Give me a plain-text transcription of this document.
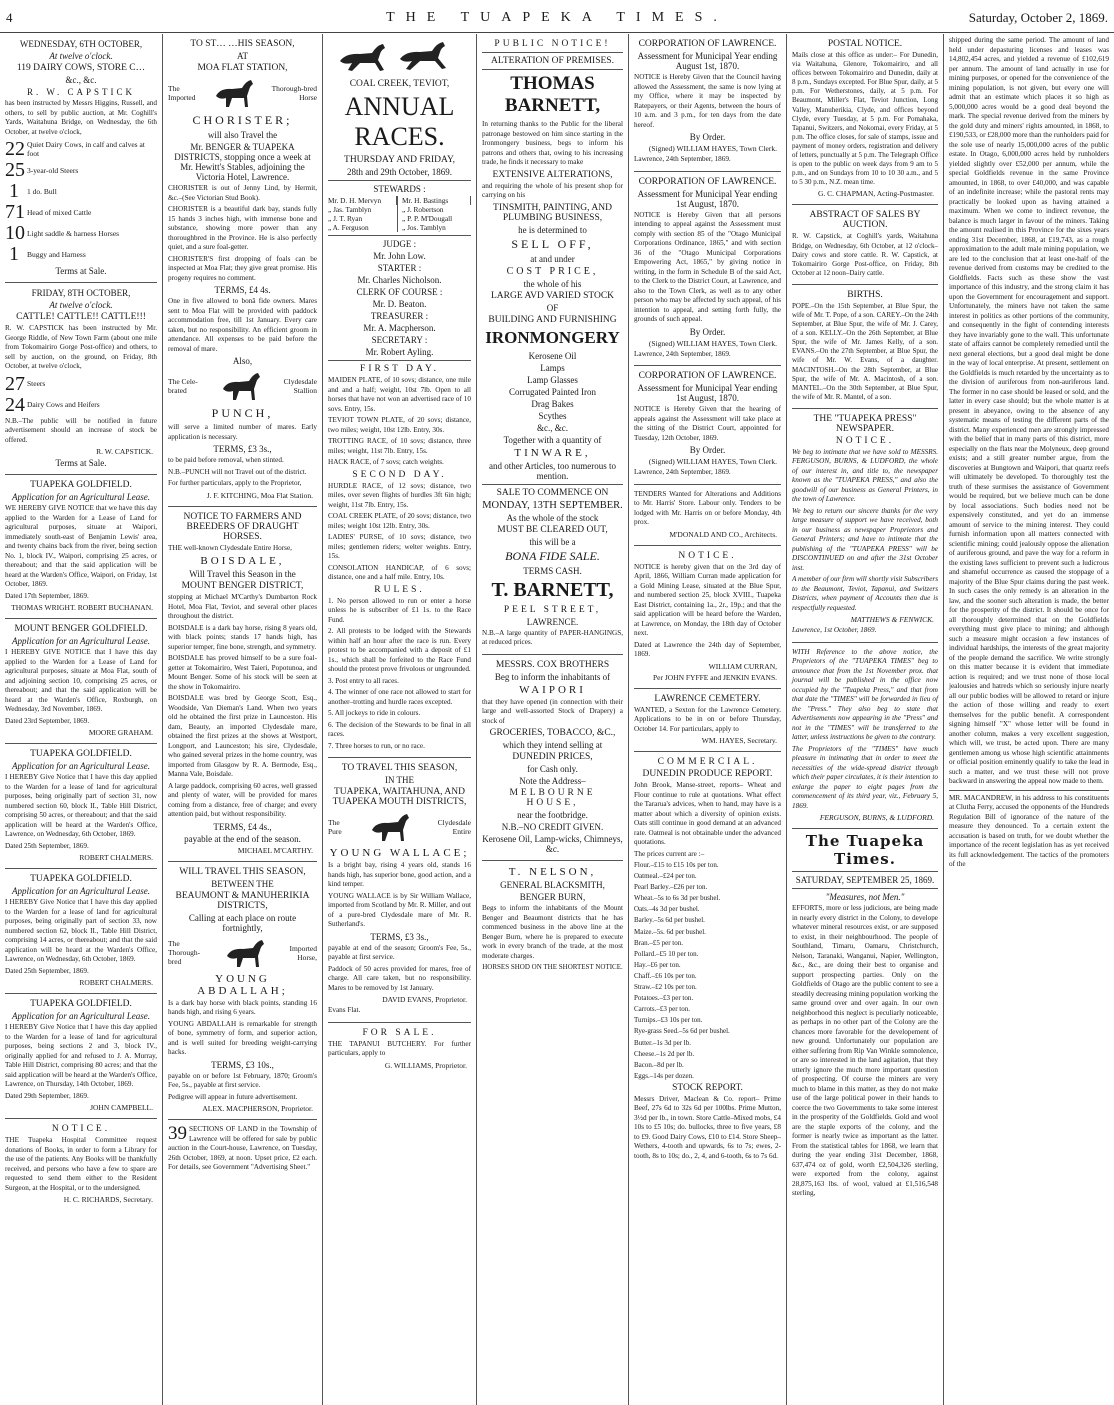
4	THE TUAPEKA TIMES.	Saturday, October 2, 1869.
WEDNESDAY, 6TH OCTOBER,
At twelve o'clock.
119 DAIRY COWS, STORE C…
&c., &c.
R. W. CAPSTICK
has been instructed by Messrs Higgins, Russell, and others, to sell by public auction, at Mr. Coghill's Yards, Waitahuna Bridge, on Wednesday, the 6th October, at twelve o'clock,
22 Quiet Dairy Cows, in calf and calves at foot
25 3-year-old Steers
1	1 do. Bull
71 Head of mixed Cattle
10 Light saddle & harness Horses
1	Buggy and Harness
Terms at Sale.
FRIDAY, 8TH OCTOBER,
At twelve o'clock.
CATTLE! CATTLE!! CATTLE!!!
R. W. CAPSTICK has been instructed by Mr. George Riddle, of New Town Farm (about one mile from Tokomairiro Gorge Post-office) and others, to sell by auction, on the ground, on Friday, 8th October, at twelve o'clock,
27 Steers
24 Dairy Cows and Heifers
N.B.–The public will be notified in future advertisement should an increase of stock be offered.
R. W. CAPSTICK.
Terms at Sale.
TUAPEKA GOLDFIELD.
Application for an Agricultural Lease.
WE HEREBY GIVE NOTICE that we have this day applied to the Warden for a Lease of Land for agricultural purposes, situate at Waipori, immediately south-east of Benjamin Lewis' area, and twenty chains back from the river, being section No. 1, block IV., Waipori, comprising 25 acres, or thereabout; and that the said application will be heard at the Warden's Office, Waipori, on Friday, 1st October, 1869.
Dated 17th September, 1869.
THOMAS WRIGHT. ROBERT BUCHANAN.
MOUNT BENGER GOLDFIELD.
Application for an Agricultural Lease.
I HEREBY GIVE NOTICE that I have this day applied to the Warden for a Lease of Land for agricultural purposes, situate at Moa Flat, south of and adjoining section 10, comprising 25 acres, or thereabout; and that the said application will be heard at the Warden's Office, Roxburgh, on Wednesday, 3rd November, 1869.
Dated 23rd September, 1869.
MOORE GRAHAM.
TUAPEKA GOLDFIELD.
Application for an Agricultural Lease.
I HEREBY Give Notice that I have this day applied to the Warden for a lease of land for agricultural purposes, being originally part of section 31, now numbered section 60, block II., Table Hill District, comprising 50 acres, or thereabout; and that the said application will be heard at the Warden's Office, Lawrence, on Wednesday, 6th October, 1869.
Dated 25th September, 1869.
ROBERT CHALMERS.
TUAPEKA GOLDFIELD.
Application for an Agricultural Lease.
I HEREBY Give Notice that I have this day applied to the Warden for a lease of land for agricultural purposes, being originally part of section 33, now numbered section 62, block II., Table Hill District, comprising 14 acres, or thereabout; and that the said application will be heard at the Warden's Office, Lawrence, on Wednesday, 6th October, 1869.
Dated 25th September, 1869.
ROBERT CHALMERS.
TUAPEKA GOLDFIELD.
Application for an Agricultural Lease.
I HEREBY Give Notice that I have this day applied to the Warden for a lease of land for agricultural purposes, being sections 2 and 3, block IV., originally applied for and refused to J. A. Murray, Table Hill District, comprising 80 acres; and that the said application will be heard at the Warden's Office, Lawrence, on Thursday, 14th October, 1869.
Dated 29th September, 1869.
JOHN CAMPBELL.
NOTICE.
THE Tuapeka Hospital Committee request donations of Books, in order to form a Library for the use of the patients. Any Books will be thankfully received, and persons who have a few to spare are requested to send them either to the Resident Surgeon, at the Hospital, or to the undersigned.
H. C. RICHARDS, Secretary.
TO ST… …HIS SEASON,
AT
MOA FLAT STATION,
The
Imported
Thorough-bred
Horse
CHORISTER;
will also Travel the
Mr. BENGER & TUAPEKA DISTRICTS, stopping once a week at Mr. Hewitt's Stables, adjoining the Victoria Hotel, Lawrence.
CHORISTER is out of Jenny Lind, by Hermit, &c.–(See Victorian Stud Book).
CHORISTER is a beautiful dark bay, stands fully 15 hands 3 inches high, with immense bone and substance, showing more power than any thoroughbred in the Province. He is also perfectly quiet, and a sure foal-getter.
CHORISTER'S first dropping of foals can be inspected at Moa Flat; they give great promise. His progeny requires no comment.
TERMS, £4 4s.
One in five allowed to bonâ fide owners. Mares sent to Moa Flat will be provided with paddock accommodation free, till 1st January. Every care taken, but no responsibility. An efficient groom in attendance. All expenses to be paid before the removal of mare.
Also,
The Cele-
brated
Clydesdale
Stallion
PUNCH,
will serve a limited number of mares. Early application is necessary.
TERMS, £3 3s.,
to be paid before removal, when stinted.
N.B.–PUNCH will not Travel out of the district.
For further particulars, apply to the Proprietor,
J. F. KITCHING, Moa Flat Station.
NOTICE TO FARMERS AND BREEDERS OF DRAUGHT HORSES.
THE well-known Clydesdale Entire Horse,
BOISDALE,
Will Travel this Season in the
MOUNT BENGER DISTRICT,
stopping at Michael M'Carthy's Dumbarton Rock Hotel, Moa Flat, Teviot, and several other places throughout the district.
BOISDALE is a dark bay horse, rising 8 years old, with black points; stands 17 hands high, has superior temper, fine bone, strength, and symmetry.
BOISDALE has proved himself to be a sure foal-getter at Tokomairiro, West Taieri, Popotunoa, and Mount Benger. Some of his stock will be seen at the show in Tokomairiro.
BOISDALE was bred by George Scott, Esq., Woodside, Van Dieman's Land. When two years old he obtained the first prize in Launceston. His dam, Beauty, an imported Clydesdale mare, obtained the first prizes at the shows at Westport, Longport, and Launceston; his sire, Clydesdale, who gained several prizes in the home country, was imported from Glasgow by R. A. Bermode, Esq., Manna Vale, Boisdale.
A large paddock, comprising 60 acres, well grassed and plenty of water, will be provided for mares coming from a distance, free of charge; and every attention paid, but without responsibility.
TERMS, £4 4s.,
payable at the end of the season.
MICHAEL M'CARTHY.
WILL TRAVEL THIS SEASON,
BETWEEN THE
BEAUMONT & MANUHERIKIA DISTRICTS,
Calling at each place on route fortnightly,
The
Thorough-
bred
Imported
Horse,
YOUNG ABDALLAH;
Is a dark bay horse with black points, standing 16 hands high, and rising 6 years.
YOUNG ABDALLAH is remarkable for strength of bone, symmetry of form, and superior action, and is well suited for breeding weight-carrying hacks.
TERMS, £3 10s.,
payable on or before 1st February, 1870; Groom's Fee, 5s., payable at first service.
Pedigree will appear in future advertisement.
ALEX. MACPHERSON, Proprietor.
39 SECTIONS OF LAND in the Township of Lawrence will be offered for sale by public auction in the Court-house, Lawrence, on Tuesday, 26th October, 1869, at noon. Upset price, £2 each. For details, see Government "Advertising Sheet."
COAL CREEK, TEVIOT,
ANNUAL RACES.
THURSDAY AND FRIDAY,
28th and 29th October, 1869.
STEWARDS :
Mr. D. H. Mervyn
„ Jas. Tamblyn
„ J. T. Ryan
„ A. Ferguson
Mr. H. Bastings
„ J. Robertson
„ P. P. M'Dougall
„ Jos. Tamblyn
JUDGE :
Mr. John Low.
STARTER :
Mr. Charles Nicholson.
CLERK OF COURSE :
Mr. D. Beaton.
TREASURER :
Mr. A. Macpherson.
SECRETARY :
Mr. Robert Ayling.
FIRST DAY.
MAIDEN PLATE, of 10 sovs; distance, one mile and and a half; weight, 10st 7lb. Open to all horses that have not won an advertised race of 10 sovs. Entry, 15s.
TEVIOT TOWN PLATE, of 20 sovs; distance, two miles; weight, 10st 12lb. Entry, 30s.
TROTTING RACE, of 10 sovs; distance, three miles; weight, 11st 7lb. Entry, 15s.
HACK RACE, of 7 sovs; catch weights.
SECOND DAY.
HURDLE RACE, of 12 sovs; distance, two miles, over seven flights of hurdles 3ft 6in high; weight, 11st 7lb. Entry, 15s.
COAL CREEK PLATE, of 20 sovs; distance, two miles; weight 10st 12lb. Entry, 30s.
LADIES' PURSE, of 10 sovs; distance, two miles; gentlemen riders; welter weights. Entry, 15s.
CONSOLATION HANDICAP, of 6 sovs; distance, one and a half mile. Entry, 10s.
RULES.
1. No person allowed to run or enter a horse unless he is subscriber of £1 1s. to the Race Fund.
2. All protests to be lodged with the Stewards within half an hour after the race is run. Every protest to be accompanied with a deposit of £1 1s., which shall be forfeited to the Race Fund should the protest prove frivolous or ungrounded.
3. Post entry to all races.
4. The winner of one race not allowed to start for another–trotting and hurdle races excepted.
5. All jockeys to ride in colours.
6. The decision of the Stewards to be final in all races.
7. Three horses to run, or no race.
TO TRAVEL THIS SEASON,
IN THE
TUAPEKA, WAITAHUNA, AND TUAPEKA MOUTH DISTRICTS,
The
Pure
Clydesdale
Entire
YOUNG WALLACE;
Is a bright bay, rising 4 years old, stands 16 hands high, has superior bone, good action, and a kind temper.
YOUNG WALLACE is by Sir William Wallace, imported from Scotland by Mr. R. Miller, and out of a pure-bred Clydesdale mare of Mr. R. Sutherland's.
TERMS, £3 3s.,
payable at end of the season; Groom's Fee, 5s., payable at first service.
Paddock of 50 acres provided for mares, free of charge. All care taken, but no responsibility. Mares to be removed by 1st January.
DAVID EVANS, Proprietor.
Evans Flat.
FOR SALE.
THE TAPANUI BUTCHERY. For further particulars, apply to
G. WILLIAMS, Proprietor.
PUBLIC NOTICE!
ALTERATION OF PREMISES.
THOMAS BARNETT,
In returning thanks to the Public for the liberal patronage bestowed on him since starting in the Ironmongery business, begs to inform his patrons and others that, owing to his increasing trade, he finds it necessary to make
EXTENSIVE ALTERATIONS,
and requiring the whole of his present shop for carrying on his
TINSMITH, PAINTING, AND PLUMBING BUSINESS,
he is determined to
SELL OFF,
at and under
COST PRICE,
the whole of his
LARGE AVD VARIED STOCK
OF
BUILDING AND FURNISHING
IRONMONGERY
Kerosene Oil
Lamps
Lamp Glasses
Corrugated Painted Iron
Drag Bakes
Scythes
&c., &c.
Together with a quantity of
TINWARE,
and other Articles, too numerous to mention.
SALE TO COMMENCE ON
MONDAY, 13TH SEPTEMBER.
As the whole of the stock
MUST BE CLEARED OUT,
this will be a
BONA FIDE SALE.
TERMS CASH.
T. BARNETT,
PEEL STREET,
LAWRENCE.
N.B.–A large quantity of PAPER-HANGINGS, at reduced prices.
MESSRS. COX BROTHERS
Beg to inform the inhabitants of
WAIPORI
that they have opened (in connection with their large and well-assorted Stock of Drapery) a stock of
GROCERIES, TOBACCO, &C.,
which they intend selling at
DUNEDIN PRICES,
for Cash only.
Note the Address–
MELBOURNE HOUSE,
near the footbridge.
N.B.–NO CREDIT GIVEN.
Kerosene Oil, Lamp-wicks, Chimneys, &c.
T. NELSON,
GENERAL BLACKSMITH,
BENGER BURN,
Begs to inform the inhabitants of the Mount Benger and Beaumont districts that he has commenced business in the above line at the Benger Burn, where he is prepared to execute work in every branch of the trade, at the most moderate charges.
HORSES SHOD ON THE SHORTEST NOTICE.
CORPORATION OF LAWRENCE.
Assessment for Municipal Year ending August 1st, 1870.
NOTICE is Hereby Given that the Council having allowed the Assessment, the same is now lying at my Office, where it may be inspected by Ratepayers, or their Agents, between the hours of 10 a.m. and 3 p.m., for ten days from the date hereof.
By Order.
(Signed) WILLIAM HAYES, Town Clerk.
Lawrence, 24th September, 1869.
CORPORATION OF LAWRENCE.
Assessment for Municipal Year ending 1st August, 1870.
NOTICE is Hereby Given that all persons intending to appeal against the Assessment must comply with section 85 of the "Otago Municipal Corporations Ordinance, 1865," and with section 36 of the "Otago Municipal Corporations Empowering Act, 1865," by giving notice in writing, in the form in Schedule B of the said Act, to the Clerk to the District Court, at Lawrence, and also to the Town Clerk, as well as to any other person who may be affected by such appeal, of his intention to appeal, and setting forth fully, the grounds of such appeal.
By Order.
(Signed) WILLIAM HAYES, Town Clerk.
Lawrence, 24th September, 1869.
CORPORATION OF LAWRENCE.
Assessment for Municipal Year ending 1st August, 1870.
NOTICE is Hereby Given that the hearing of appeals against the Assessment will take place at the sitting of the District Court, appointed for Tuesday, 12th October, 1869.
By Order.
(Signed) WILLIAM HAYES, Town Clerk.
Lawrence, 24th September, 1869.
TENDERS Wanted for Alterations and Additions to Mr. Harris' Store. Labour only. Tenders to be lodged with Mr. Harris on or before Monday, 4th prox.
M'DONALD AND CO., Architects.
NOTICE.
NOTICE is hereby given that on the 3rd day of April, 1866, William Curran made application for a Gold Mining Lease, situated at the Blue Spur, and numbered section 25, block XVIII., Tuapeka East District, containing 1a., 2r., 19p.; and that the said application will be heard before the Warden, at Lawrence, on Monday, the 18th day of October next.
Dated at Lawrence the 24th day of September, 1869.
WILLIAM CURRAN,
Per JOHN FYFFE and JENKIN EVANS.
LAWRENCE CEMETERY.
WANTED, a Sexton for the Lawrence Cemetery. Applications to be in on or before Thursday, October 14. For particulars, apply to
WM. HAYES, Secretary.
COMMERCIAL.
DUNEDIN PRODUCE REPORT.
John Brook, Manse-street, reports– Wheat and Flour continue to rule at quotations. What effect the Tararua's advices, when to hand, may have is a matter about which a diversity of opinion exists. Oats still continue in good demand at an advanced rate. Oatmeal is not obtainable under the advanced quotations.
The prices current are :–
Flour.–£15 to £15 10s per ton.
Oatmeal.–£24 per ton.
Pearl Barley.–£26 per ton.
Wheat.–5s to 6s 3d per bushel.
Oats.–4s 3d per bushel.
Barley.–5s 6d per bushel.
Maize.–5s. 6d per bushel.
Bran.–£5 per ton.
Pollard.–£5 10 per ton.
Hay.–£6 per ton.
Chaff.–£6 10s per ton.
Straw.–£2 10s per ton.
Potatoes.–£3 per ton.
Carrots.–£3 per ton.
Turnips.–£3 10s per ton.
Rye-grass Seed.–5s 6d per bushel.
Butter.–1s 3d per lb.
Cheese.–1s 2d per lb.
Bacon.–8d per lb.
Eggs.–14s per dozen.
STOCK REPORT.
Messrs Driver, Maclean & Co. report– Prime Beef, 27s 6d to 32s 6d per 100lbs. Prime Mutton, 3½d per lb., in town. Store Cattle–Mixed mobs, £4 10s to £5 10s; do. bullocks, three to five years, £8 to £9. Good Dairy Cows, £10 to £14. Store Sheep– Wethers, 4-tooth and upwards, 6s to 7s; ewes, 2-tooth, 8s to 10s; do., 2, 4, and 6-tooth, 6s to 7s 6d.
POSTAL NOTICE.
Mails close at this office as under:– For Dunedin, via Waitahuna, Glenore, Tokomairiro, and all offices between Tokomairiro and Dunedin, daily at 8 p.m., Sundays excepted. For Blue Spur, daily, at 5 p.m. For Wetherstones, daily, at 5 p.m. For Beaumont, Miller's Flat, Teviot Junction, Long Valley, Manuherikia, Clyde, and offices beyond Clyde, every Tuesday, at 5 p.m. For Pomahaka, Tapanui, Switzers, and Nokomai, every Friday, at 5 p.m. The office closes, for sale of stamps, issue and payment of money orders, registration and delivery of letters, punctually at 5 p.m. The Telegraph Office is open to the public on week days from 9 am to 5 p.m., and on Sundays from 10 to 10 30 a.m., and 5 to 5 30 p.m., N.Z. mean time.
G. C. CHAPMAN, Acting-Postmaster.
ABSTRACT OF SALES BY AUCTION.
R. W. Capstick, at Coghill's yards, Waitahuna Bridge, on Wednesday, 6th October, at 12 o'clock–Dairy cows and store cattle. R. W. Capstick, at Tokomairiro Gorge Post-office, on Friday, 8th October at 12 noon–Dairy cattle.
BIRTHS.
POPE.–On the 15th September, at Blue Spur, the wife of Mr. T. Pope, of a son. CAREY.–On the 24th September, at Blue Spur, the wife of Mr. J. Carey, of a son. KELLY.–On the 26th September, at Blue Spur, the wife of Mr. James Kelly, of a son. EVANS.–On the 27th September, at Blue Spur, the wife of Mr. W. Evans, of a daughter. MACINTOSH.–On the 28th September, at Blue Spur, the wife of Mr. A. Macintosh, of a son. MANTEL.–On the 30th September, at Blue Spur, the wife of Mr. R. Mantel, of a son.
THE "TUAPEKA PRESS" NEWSPAPER.
NOTICE.
We beg to intimate that we have sold to MESSRS. FERGUSON, BURNS, & LUDFORD, the whole of our interest in, and title to, the newspaper known as the "TUAPEKA PRESS," and also the goodwill of our business as General Printers, in the town of Lawrence.
We beg to return our sincere thanks for the very large measure of support we have received, both in our business as newspaper Proprietors and General Printers; and have to intimate that the publishing of the "TUAPEKA PRESS" will be DISCONTINUED on and after the 31st October inst.
A member of our firm will shortly visit Subscribers to the Beaumont, Teviot, Tapanui, and Switzers Districts, when payment of Accounts then due is respectfully requested.
MATTHEWS & FENWICK.
Lawrence, 1st October, 1869.
WITH Reference to the above notice, the Proprietors of the "TUAPEKA TIMES" beg to announce that from the 1st November prox. that journal will be published in the office now occupied by the "Tuapeka Press," and that from that date the "TIMES" will be forwarded in lieu of the "Press." They also beg to state that Advertisements now appearing in the "Press" and not in the "TIMES" will be transferred to the latter, unless instructions be given to the contrary.
The Proprietors of the "TIMES" have much pleasure in intimating that in order to meet the necessities of the wide-spread district through which their paper circulates, it is their intention to enlarge the paper to eight pages from the commencement of its third year, viz., February 5, 1869.
FERGUSON, BURNS, & LUDFORD.
The Tuapeka Times.
SATURDAY, SEPTEMBER 25, 1869.
"Measures, not Men."
EFFORTS, more or less judicious, are being made in nearly every district in the Colony, to develope whatever mineral resources exist, or are supposed to exist, in their neighbourhood. The people of Southland, Timaru, Oamaru, Christchurch, Nelson, Taranaki, Wanganui, Napier, Wellington, &c., &c., are doing their best to organise and support prospecting parties. Only on the Goldfields of Otago are the public content to see a steadily decreasing mining population working the same ground over and over again. In our own neighborhood this neglect is peculiarly noticeable, as perhaps in no other part of the Colony are the chances more favorable for the developement of new ground. Unfortunately our population are either suffering from Rip Van Winkle somnolence, or are so interested in the land agitation, that they utterly ignore the much more important question of prospecting. Of course the miners are very much to blame in this matter, as they do not make use of the large political power in their hands to coerce the two Governments to take some interest in the prosperity of the Goldfields. Gold and wool are the staple exports of the colony, and the former is nearly twice as important as the latter. From the statistical tables for 1868, we learn that during the year ending 31st December, 1868, 637,474 oz of gold, worth £2,504,326 sterling, were exported from the colony, against 28,875,163 lbs. of wool, valued at £1,516,548 sterling,
shipped during the same period. The amount of land held under depasturing licenses and leases was 14,802,454 acres, and yielded a revenue of £102,619 per annum. The amount of land actually in use for mining purposes, or opened for the convenience of the mining population, is not given, but every one will admit that an estimate which places it so high as 5,000,000 acres would be a good deal beyond the mark. The special revenue derived from the miners by the gold duty and miners' rights amounted, in 1868, to £190,533, or £28,000 more than the runholders paid for the sole use of nearly 15,000,000 acres of the public estate. In Otago, 6,000,000 acres held by runholders yielded slightly over £52,000 per annum, while the special Goldfields revenue in the same Province amounted, in 1868, to over £40,000, and was capable of an indefinite increase; while the pastoral rents may practically be looked upon as having attained a maximum. When we come to indirect revenue, the balance is much larger in favour of the miners. Taking the amount realised in this Province for the sixes years ending 31st December, 1868, at £19,743, as a rough approximation to the adult male mining population, we are led to the conclusion that at least one-half of the revenue derived from customs may be credited to the Goldfields. Facts such as these show the vast importance of this industry, and the strong claim it has upon the Government for encouragement and support. Unfortunately, the miners have not taken the same interest in politics as other portions of the community, and consequently in the fight of contending interests they have invariably gone to the wall. This unfortunate state of affairs cannot be completely remedied until the next general elections, but a good deal might be done in the way of local enterprise. At present, settlement on the Goldfields is much retarded by the uncertainty as to the division of auriferous from non-auriferous land. The former in no case should be leased or sold, and the latter in every case should; but the whole matter is at present in abeyance, owing to the absence of any systematic means of testing the different parts of the district. Many experienced men are strongly impressed with the belief that in many parts of this district, more especially on the flats near the Molyneux, deep ground exists; and a still greater number argue, from the discoveries at Bungtown and Waipori, that quartz reefs will ultimately be developed. To thoroughly test the truth of these surmises the assistance of Government would be required, but we believe much can be done by local associations. Such bodies need not be expensively constituted, and yet do an immense amount of service to the mining interest. They could furnish information upon all matters connected with scientific mining; could jealously oppose the alienation of auriferous ground, and pave the way for a reform in the existing laws sufficient to prevent such a ludicrous and shameful occurrence as caused the stoppage of a majority of the Blue Spur claims during the past week. In such cases the only remedy is an alteration in the law, and the sooner such alteration is made, the better for the prosperity of the district. It should be once for all thoroughly determined that on the Goldfields everything must give place to mining; and although such a measure might occasion a few instances of individual hardships, the interests of the great majority of the people demand the sacrifice. We write strongly on this matter because it is evident that immediate action is required; and we trust none of those local jealousies and hatreds which so seriously injure nearly all our public bodies will be allowed to retard or injure the action of those willing and ready to exert themselves for the public benefit. A correspondent signing himself "X" whose letter will be found in another column, makes a very excellent suggestion, which will, we trust, be acted upon. There are many gentlemen among us whose high scientific attainments or official position eminently qualify to take the lead in such a matter, and we trust these will not prove backward in answering the appeal now made to them.
MR. MACANDREW, in his address to his constituents at Clutha Ferry, accused the opponents of the Hundreds Regulation Bill of ignorance of the nature of the measure they denounced. To a certain extent the accusation is based on truth, for we doubt whether the importance of the recent legislation has as yet received its full acknowledgement. The tactics of the promoters of the
